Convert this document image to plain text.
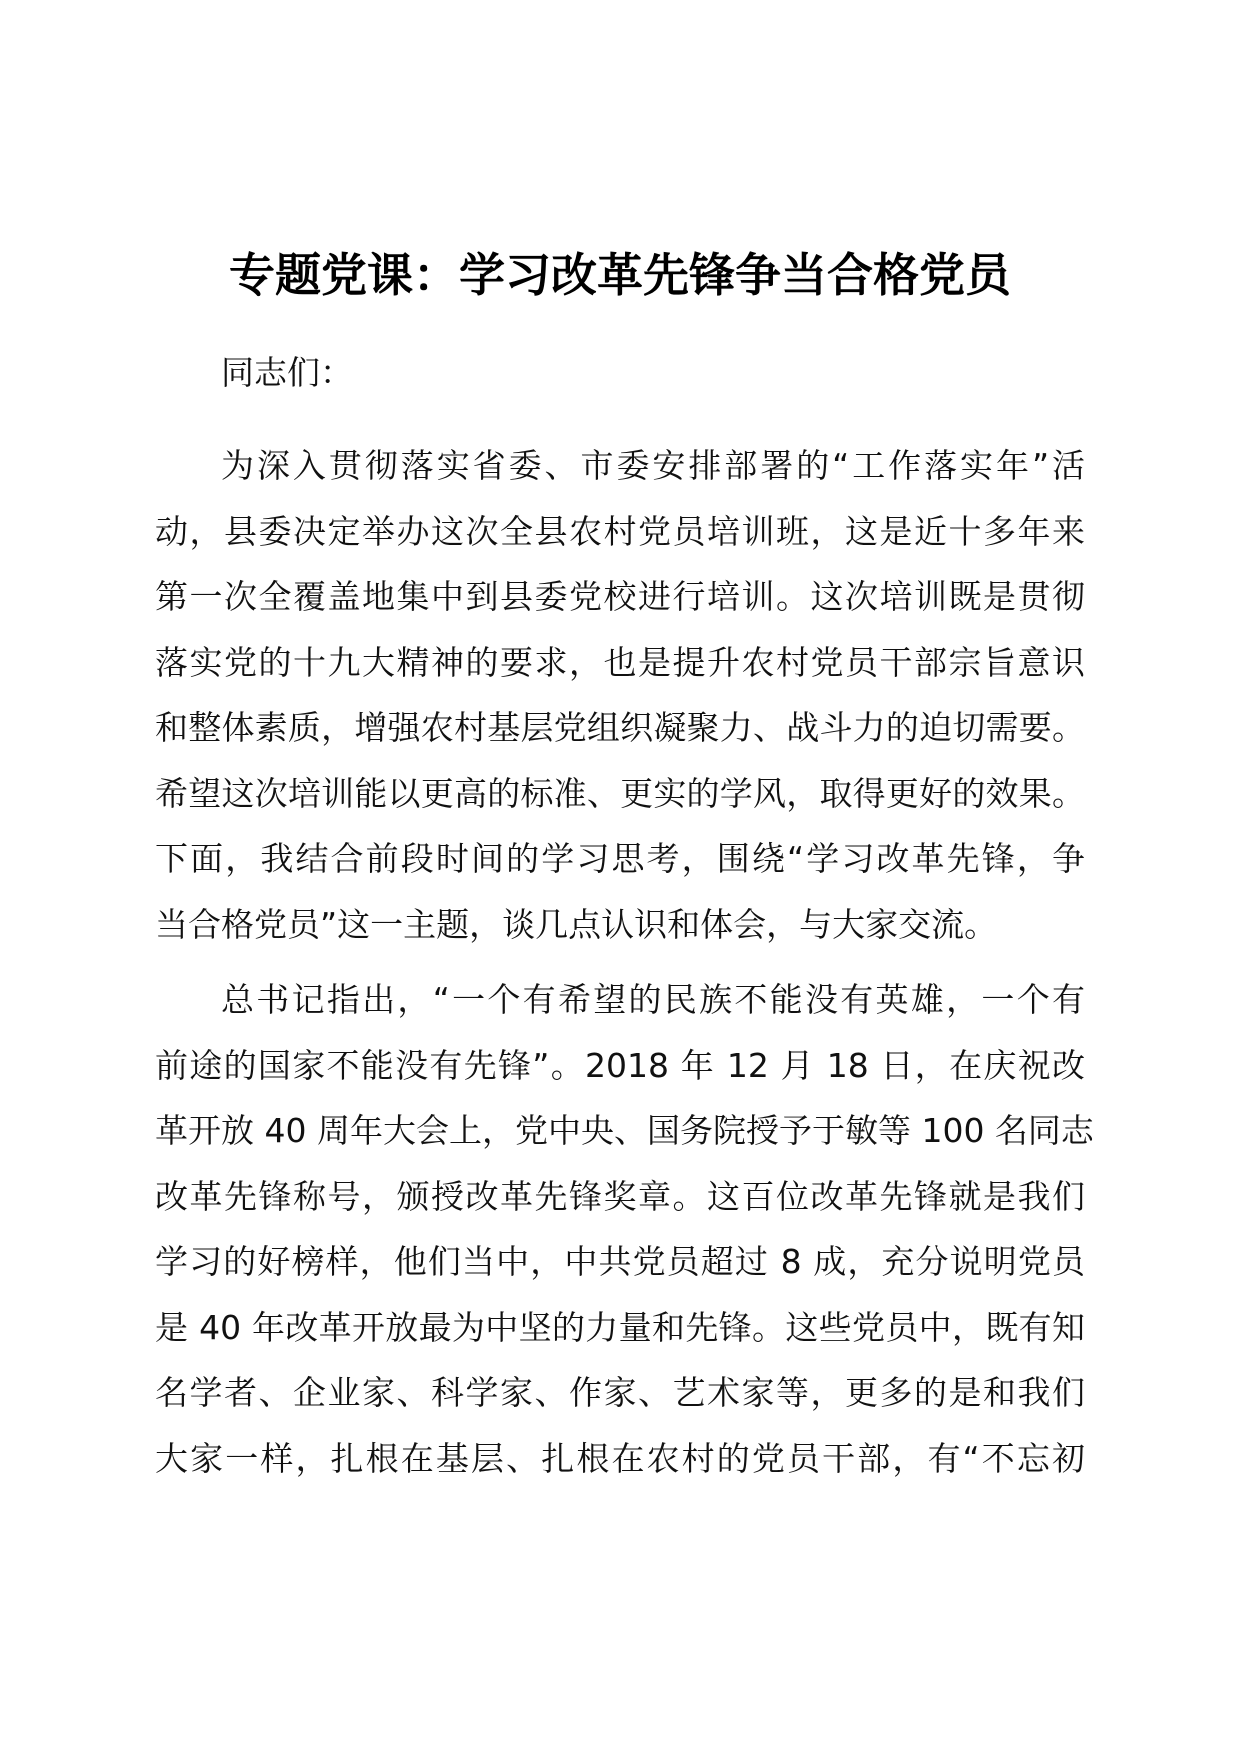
专题党课：学习改革先锋争当合格党员
同志们：
为深入贯彻落实省委、市委安排部署的“工作落实年”活
动，县委决定举办这次全县农村党员培训班，这是近十多年来
第一次全覆盖地集中到县委党校进行培训。这次培训既是贯彻
落实党的十九大精神的要求，也是提升农村党员干部宗旨意识
和整体素质，增强农村基层党组织凝聚力、战斗力的迫切需要。
希望这次培训能以更高的标准、更实的学风，取得更好的效果。
下面，我结合前段时间的学习思考，围绕“学习改革先锋，争
当合格党员”这一主题，谈几点认识和体会，与大家交流。
总书记指出，“一个有希望的民族不能没有英雄，一个有
前途的国家不能没有先锋”。2018 年 12 月 18 日，在庆祝改
革开放 40 周年大会上，党中央、国务院授予于敏等 100 名同志
改革先锋称号，颁授改革先锋奖章。这百位改革先锋就是我们
学习的好榜样，他们当中，中共党员超过 8 成，充分说明党员
是 40 年改革开放最为中坚的力量和先锋。这些党员中，既有知
名学者、企业家、科学家、作家、艺术家等，更多的是和我们
大家一样，扎根在基层、扎根在农村的党员干部，有“不忘初
